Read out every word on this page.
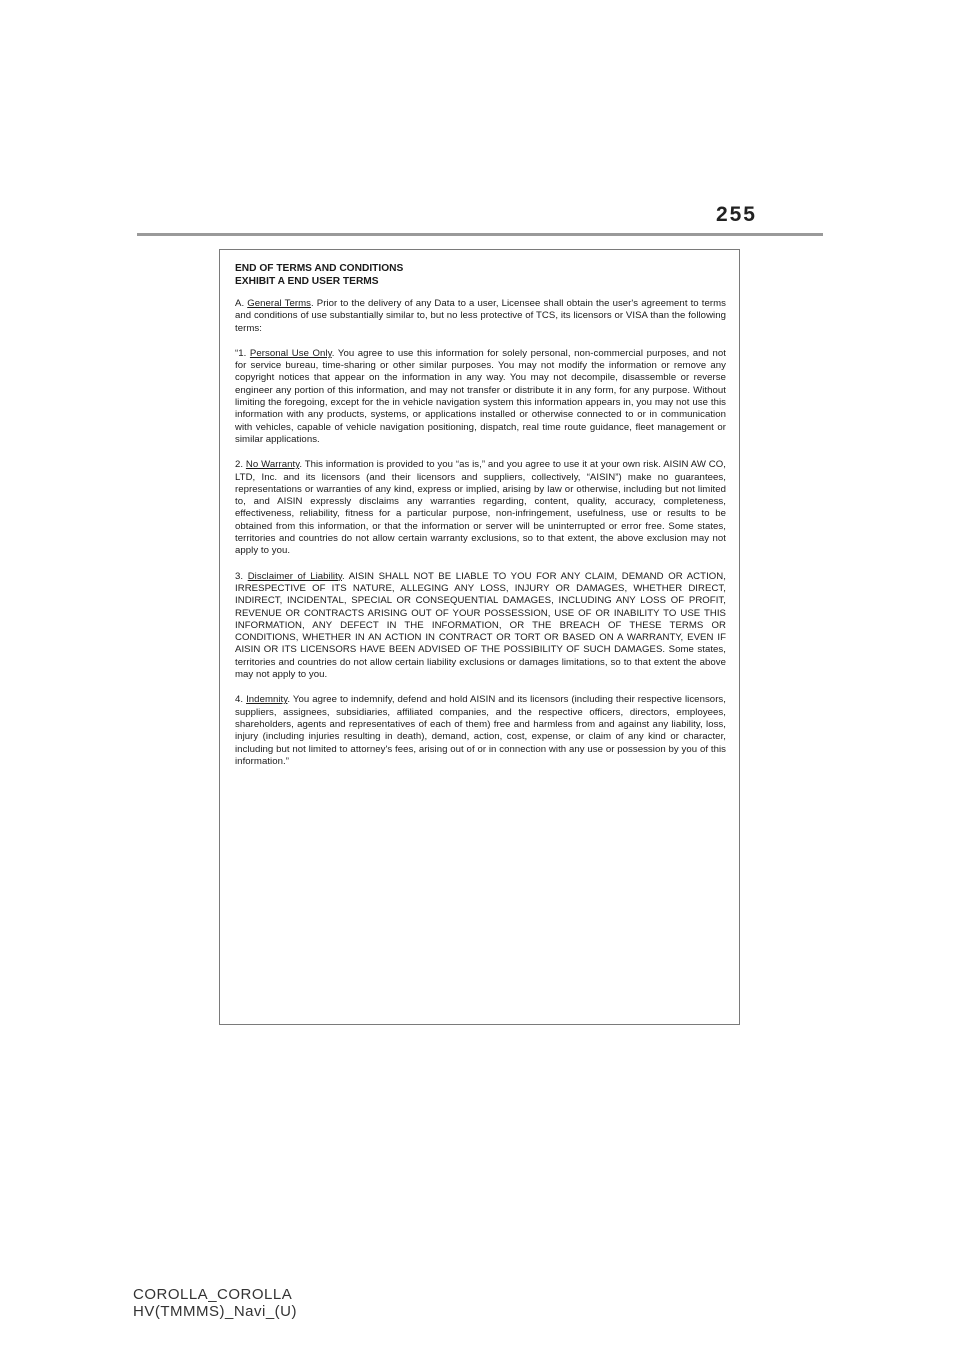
255

END OF TERMS AND CONDITIONS

EXHIBIT A END USER TERMS

A. General Terms. Prior to the delivery of any Data to a user, Licensee shall obtain the user's agreement to terms and conditions of use substantially similar to, but no less protective of TCS, its licensors or VISA than the following terms:

“1. Personal Use Only. You agree to use this information for solely personal, non-commercial purposes, and not for service bureau, time-sharing or other similar purposes. You may not modify the information or remove any copyright notices that appear on the information in any way. You may not decompile, disassemble or reverse engineer any portion of this information, and may not transfer or distribute it in any form, for any purpose. Without limiting the foregoing, except for the in vehicle navigation system this information appears in, you may not use this information with any products, systems, or applications installed or otherwise connected to or in communication with vehicles, capable of vehicle navigation positioning, dispatch, real time route guidance, fleet management or similar applications.

2. No Warranty. This information is provided to you “as is,” and you agree to use it at your own risk. AISIN AW CO, LTD, Inc. and its licensors (and their licensors and suppliers, collectively, “AISIN”) make no guarantees, representations or warranties of any kind, express or implied, arising by law or otherwise, including but not limited to, and AISIN expressly disclaims any warranties regarding, content, quality, accuracy, completeness, effectiveness, reliability, fitness for a particular purpose, non-infringement, usefulness, use or results to be obtained from this information, or that the information or server will be uninterrupted or error free. Some states, territories and countries do not allow certain warranty exclusions, so to that extent, the above exclusion may not apply to you.

3. Disclaimer of Liability. AISIN SHALL NOT BE LIABLE TO YOU FOR ANY CLAIM, DEMAND OR ACTION, IRRESPECTIVE OF ITS NATURE, ALLEGING ANY LOSS, INJURY OR DAMAGES, WHETHER DIRECT, INDIRECT, INCIDENTAL, SPECIAL OR CONSEQUENTIAL DAMAGES, INCLUDING ANY LOSS OF PROFIT, REVENUE OR CONTRACTS ARISING OUT OF YOUR POSSESSION, USE OF OR INABILITY TO USE THIS INFORMATION, ANY DEFECT IN THE INFORMATION, OR THE BREACH OF THESE TERMS OR CONDITIONS, WHETHER IN AN ACTION IN CONTRACT OR TORT OR BASED ON A WARRANTY, EVEN IF AISIN OR ITS LICENSORS HAVE BEEN ADVISED OF THE POSSIBILITY OF SUCH DAMAGES. Some states, territories and countries do not allow certain liability exclusions or damages limitations, so to that extent the above may not apply to you.

4. Indemnity. You agree to indemnify, defend and hold AISIN and its licensors (including their respective licensors, suppliers, assignees, subsidiaries, affiliated companies, and the respective officers, directors, employees, shareholders, agents and representatives of each of them) free and harmless from and against any liability, loss, injury (including injuries resulting in death), demand, action, cost, expense, or claim of any kind or character, including but not limited to attorney's fees, arising out of or in connection with any use or possession by you of this information.”

COROLLA_COROLLA
HV(TMMMS)_Navi_(U)
